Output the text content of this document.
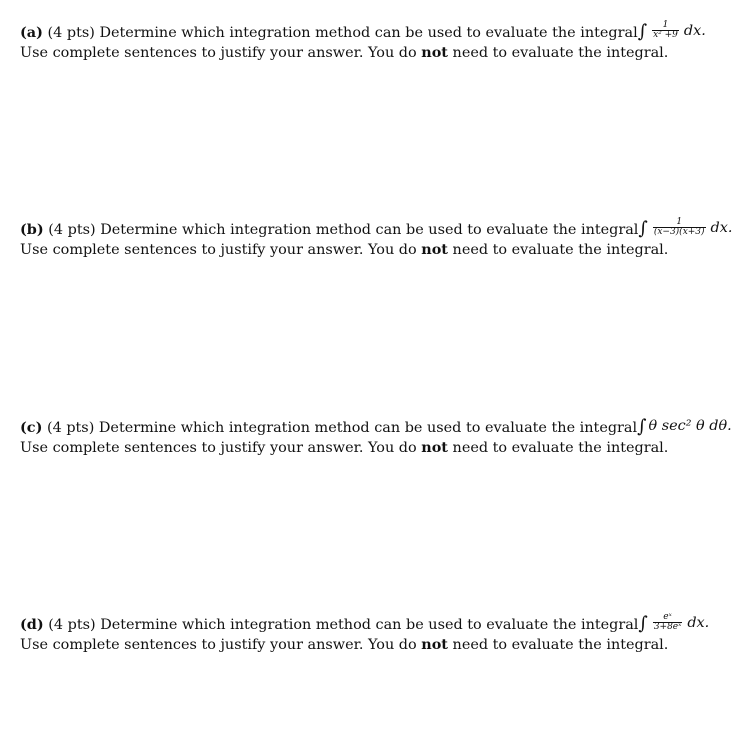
(a) (4 pts) Determine which integration method can be used to evaluate the integral ∫ $\frac{1}{\text{x² +9}}$ dx.
Use complete sentences to justify your answer. You do not need to evaluate the integral.
(b) (4 pts) Determine which integration method can be used to evaluate the integral ∫ $\frac{1}{(x-3)(x+3)}$ dx.
Use complete sentences to justify your answer. You do not need to evaluate the integral.
(c) (4 pts) Determine which integration method can be used to evaluate the integral ∫ θ sec² θ dθ.
Use complete sentences to justify your answer. You do not need to evaluate the integral.
(d) (4 pts) Determine which integration method can be used to evaluate the integral ∫ $\frac{\text{eˣ}}{\text{3+8eˣ}}$ dx.
Use complete sentences to justify your answer. You do not need to evaluate the integral.
